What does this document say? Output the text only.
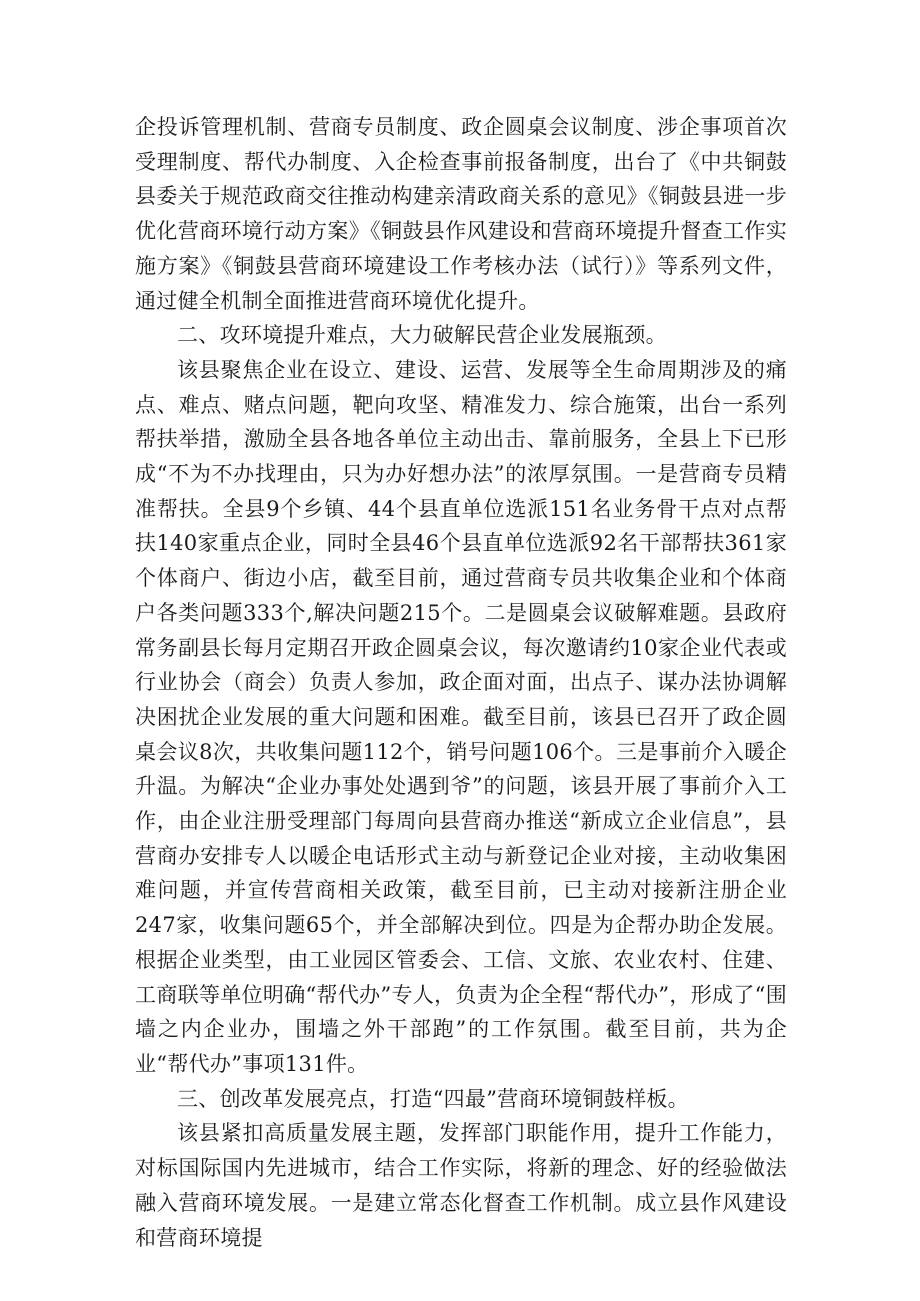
企投诉管理机制、营商专员制度、政企圆桌会议制度、涉企事项首次受理制度、帮代办制度、入企检查事前报备制度，出台了《中共铜鼓县委关于规范政商交往推动构建亲清政商关系的意见》《铜鼓县进一步优化营商环境行动方案》《铜鼓县作风建设和营商环境提升督查工作实施方案》《铜鼓县营商环境建设工作考核办法（试行）》等系列文件，通过健全机制全面推进营商环境优化提升。

二、攻环境提升难点，大力破解民营企业发展瓶颈。

该县聚焦企业在设立、建设、运营、发展等全生命周期涉及的痛点、难点、赌点问题，靶向攻坚、精准发力、综合施策，出台一系列帮扶举措，激励全县各地各单位主动出击、靠前服务，全县上下已形成“不为不办找理由，只为办好想办法”的浓厚氛围。一是营商专员精准帮扶。全县9个乡镇、44个县直单位选派151名业务骨干点对点帮扶140家重点企业，同时全县46个县直单位选派92名干部帮扶361家个体商户、街边小店，截至目前，通过营商专员共收集企业和个体商户各类问题333个,解决问题215个。二是圆桌会议破解难题。县政府常务副县长每月定期召开政企圆桌会议，每次邀请约10家企业代表或行业协会（商会）负责人参加，政企面对面，出点子、谋办法协调解决困扰企业发展的重大问题和困难。截至目前，该县已召开了政企圆桌会议8次，共收集问题112个，销号问题106个。三是事前介入暖企升温。为解决“企业办事处处遇到爷”的问题，该县开展了事前介入工作，由企业注册受理部门每周向县营商办推送“新成立企业信息”，县营商办安排专人以暖企电话形式主动与新登记企业对接，主动收集困难问题，并宣传营商相关政策，截至目前，已主动对接新注册企业247家，收集问题65个，并全部解决到位。四是为企帮办助企发展。根据企业类型，由工业园区管委会、工信、文旅、农业农村、住建、工商联等单位明确“帮代办”专人，负责为企全程“帮代办”，形成了“围墙之内企业办，围墙之外干部跑”的工作氛围。截至目前，共为企业“帮代办”事项131件。

三、创改革发展亮点，打造“四最”营商环境铜鼓样板。

该县紧扣高质量发展主题，发挥部门职能作用，提升工作能力，对标国际国内先进城市，结合工作实际，将新的理念、好的经验做法融入营商环境发展。一是建立常态化督查工作机制。成立县作风建设和营商环境提
